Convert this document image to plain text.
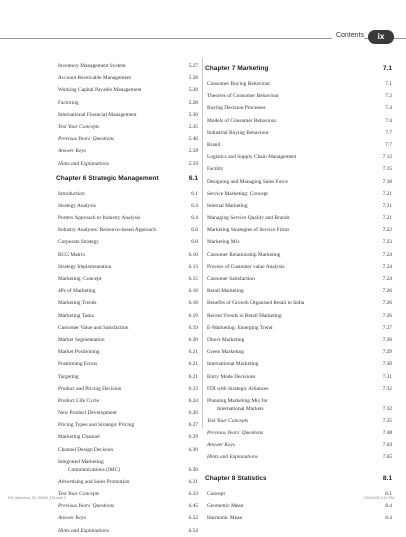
Contents	ix
Inventory Management System	5.27
Account Receivable Management	5.28
Working Capital Payable Management	5.28
Factoring	5.28
International Financial Management	5.30
Test Your Concepts	5.35
Previous Years' Questions	5.46
Answer Keys	5.58
Hints and Explanations	5.59
Chapter 6 Strategic Management	6.1
Introduction	6.1
Strategy Analysis	6.4
Porters Approach to Industry Analysis	6.4
Industry Analyses: Resource-based Approach	6.6
Corporate Strategy	6.8
BCG Matrix	6.10
Strategy Implementation	6.13
Marketing: Concept	6.15
4Ps of Marketing	6.18
Marketing Trends	6.18
Marketing Tasks	6.19
Customer Value and Satisfaction	6.19
Market Segmentation	6.20
Market Positioning	6.21
Positioning Errors	6.21
Targeting	6.21
Product and Pricing Decision	6.23
Product Life Cycle	6.24
New Product Development	6.26
Pricing Types and Strategic Pricing	6.27
Marketing Channel	6.29
Channel Design Decision	6.30
Integrated Marketing
Communications (IMC)	6.30
Advertising and Sales Promotion	6.31
Test Your Concepts	6.33
Previous Years' Questions	6.45
Answer Keys	6.53
Hints and Explanations	6.54
Chapter 7 Marketing	7.1
Consumer Buying Behaviour	7.1
Theories of Consumer Behaviour	7.2
Buying Decision Processes	7.4
Models of Consumer Behaviour	7.4
Industrial Buying Behaviour	7.7
Brand	7.7
Logistics and Supply Chain Management	7.12
Facility	7.15
Designing and Managing Sales Force	7.18
Service Marketing: Concept	7.21
Internal Marketing	7.21
Managing Service Quality and Brands	7.21
Marketing Strategies of Service Firms	7.22
Marketing Mix	7.23
Customer Relationship Marketing	7.24
Process of Customer value Analysis	7.24
Customer Satisfaction	7.24
Retail Marketing	7.26
Benefits of Growth Organised Retail to India	7.26
Recent Trends in Retail Marketing	7.26
E-Marketing: Emerging Trend	7.27
Direct Marketing	7.28
Green Marketing	7.29
International Marketing	7.30
Entry Mode Decisions	7.31
FDI with Strategic Alliances	7.32
Planning Marketing Mix for
International Markets	7.32
Test Your Concepts	7.35
Previous Years' Questions	7.48
Answer Keys	7.64
Hints and Explanations	7.65
Chapter 8 Statistics	8.1
Concept	8.1
Geometric Mean	8.4
Harmonic Mean	8.4
FM_Mokshun_00_00000_FM.indd 9	7/24/2020 4:14 PM
